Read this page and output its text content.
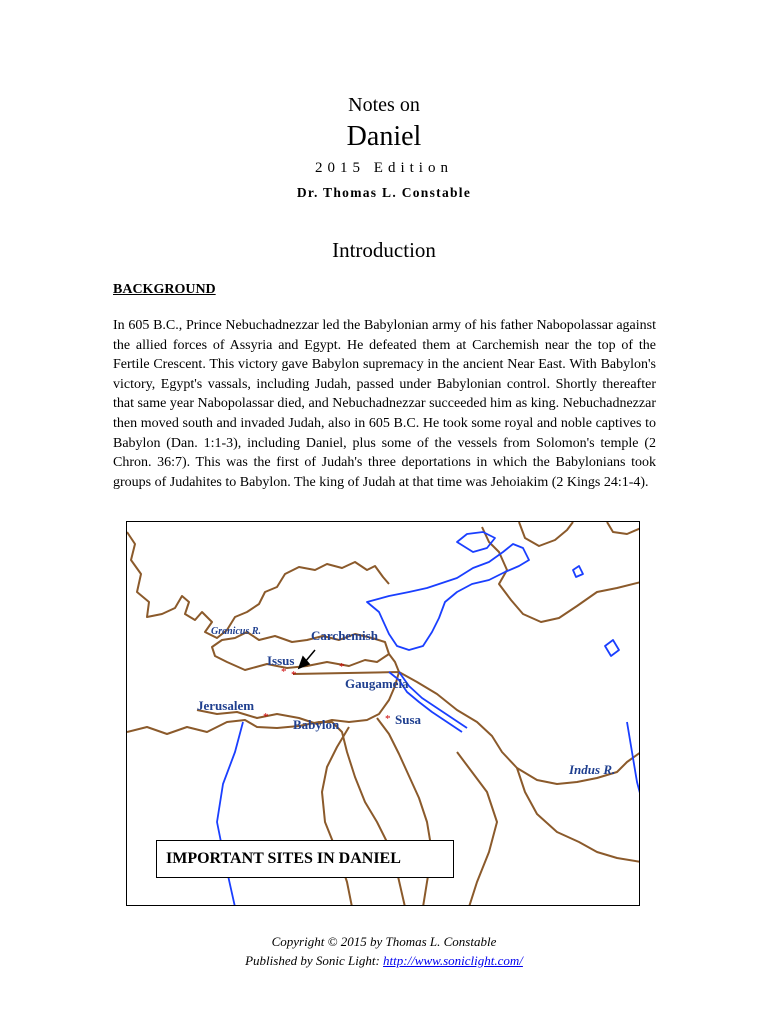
Notes on
Daniel
2015 Edition
Dr. Thomas L. Constable
Introduction
BACKGROUND
In 605 B.C., Prince Nebuchadnezzar led the Babylonian army of his father Nabopolassar against the allied forces of Assyria and Egypt. He defeated them at Carchemish near the top of the Fertile Crescent. This victory gave Babylon supremacy in the ancient Near East. With Babylon's victory, Egypt's vassals, including Judah, passed under Babylonian control. Shortly thereafter that same year Nabopolassar died, and Nebuchadnezzar succeeded him as king. Nebuchadnezzar then moved south and invaded Judah, also in 605 B.C. He took some royal and noble captives to Babylon (Dan. 1:1-3), including Daniel, plus some of the vessels from Solomon's temple (2 Chron. 36:7). This was the first of Judah's three deportations in which the Babylonians took groups of Judahites to Babylon. The king of Judah at that time was Jehoiakim (2 Kings 24:1-4).
Granicus R.	Carchemish
Issus
Gaugamela
Jerusalem
Babylon	Susa
Indus R.
* *
*
*	*
IMPORTANT SITES IN DANIEL
Copyright © 2015 by Thomas L. Constable
Published by Sonic Light: http://www.soniclight.com/
